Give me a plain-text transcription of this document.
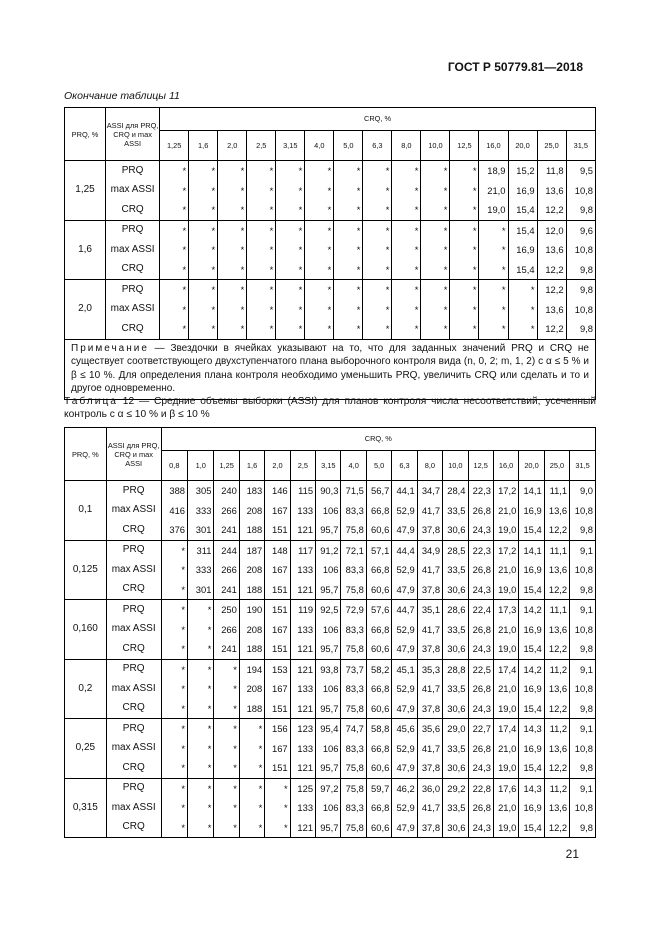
ГОСТ Р 50779.81—2018
Окончание таблицы 11
PRQ, %	ASSI для PRQ, CRQ и max ASSI	CRQ, %														
		1,25	1,6	2,0	2,5	3,15	4,0	5,0	6,3	8,0	10,0	12,5	16,0	20,0	25,0	31,5
1,25	PRQ	*	*	*	*	*	*	*	*	*	*	*	18,9	15,2	11,8	9,5
	max ASSI	*	*	*	*	*	*	*	*	*	*	*	21,0	16,9	13,6	10,8
	CRQ	*	*	*	*	*	*	*	*	*	*	*	19,0	15,4	12,2	9,8
1,6	PRQ	*	*	*	*	*	*	*	*	*	*	*	*	15,4	12,0	9,6
	max ASSI	*	*	*	*	*	*	*	*	*	*	*	*	16,9	13,6	10,8
	CRQ	*	*	*	*	*	*	*	*	*	*	*	*	15,4	12,2	9,8
2,0	PRQ	*	*	*	*	*	*	*	*	*	*	*	*	*	12,2	9,8
	max ASSI	*	*	*	*	*	*	*	*	*	*	*	*	*	13,6	10,8
	CRQ	*	*	*	*	*	*	*	*	*	*	*	*	*	12,2	9,8
Примечание — Звездочки в ячейках указывают на то, что для заданных значений PRQ и CRQ не существует соответствующего двухступенчатого плана выборочного контроля вида (n, 0, 2; m, 1, 2) с α ≤ 5 % и β ≤ 10 %. Для определения плана контроля необходимо уменьшить PRQ, увеличить CRQ или сделать и то и другое одновременно.																
Таблица 12 — Средние объемы выборки (ASSI) для планов контроля числа несоответствий, усеченный контроль с α ≤ 10 % и β ≤ 10 %
PRQ, %	ASSI для PRQ, CRQ и max ASSI	CRQ, %																
		0,8	1,0	1,25	1,6	2,0	2,5	3,15	4,0	5,0	6,3	8,0	10,0	12,5	16,0	20,0	25,0	31,5
0,1	PRQ	388	305	240	183	146	115	90,3	71,5	56,7	44,1	34,7	28,4	22,3	17,2	14,1	11,1	9,0
	max ASSI	416	333	266	208	167	133	106	83,3	66,8	52,9	41,7	33,5	26,8	21,0	16,9	13,6	10,8
	CRQ	376	301	241	188	151	121	95,7	75,8	60,6	47,9	37,8	30,6	24,3	19,0	15,4	12,2	9,8
0,125	PRQ	*	311	244	187	148	117	91,2	72,1	57,1	44,4	34,9	28,5	22,3	17,2	14,1	11,1	9,1
	max ASSI	*	333	266	208	167	133	106	83,3	66,8	52,9	41,7	33,5	26,8	21,0	16,9	13,6	10,8
	CRQ	*	301	241	188	151	121	95,7	75,8	60,6	47,9	37,8	30,6	24,3	19,0	15,4	12,2	9,8
0,160	PRQ	*	*	250	190	151	119	92,5	72,9	57,6	44,7	35,1	28,6	22,4	17,3	14,2	11,1	9,1
	max ASSI	*	*	266	208	167	133	106	83,3	66,8	52,9	41,7	33,5	26,8	21,0	16,9	13,6	10,8
	CRQ	*	*	241	188	151	121	95,7	75,8	60,6	47,9	37,8	30,6	24,3	19,0	15,4	12,2	9,8
0,2	PRQ	*	*	*	194	153	121	93,8	73,7	58,2	45,1	35,3	28,8	22,5	17,4	14,2	11,2	9,1
	max ASSI	*	*	*	208	167	133	106	83,3	66,8	52,9	41,7	33,5	26,8	21,0	16,9	13,6	10,8
	CRQ	*	*	*	188	151	121	95,7	75,8	60,6	47,9	37,8	30,6	24,3	19,0	15,4	12,2	9,8
0,25	PRQ	*	*	*	*	156	123	95,4	74,7	58,8	45,6	35,6	29,0	22,7	17,4	14,3	11,2	9,1
	max ASSI	*	*	*	*	167	133	106	83,3	66,8	52,9	41,7	33,5	26,8	21,0	16,9	13,6	10,8
	CRQ	*	*	*	*	151	121	95,7	75,8	60,6	47,9	37,8	30,6	24,3	19,0	15,4	12,2	9,8
0,315	PRQ	*	*	*	*	*	125	97,2	75,8	59,7	46,2	36,0	29,2	22,8	17,6	14,3	11,2	9,1
	max ASSI	*	*	*	*	*	133	106	83,3	66,8	52,9	41,7	33,5	26,8	21,0	16,9	13,6	10,8
	CRQ	*	*	*	*	*	121	95,7	75,8	60,6	47,9	37,8	30,6	24,3	19,0	15,4	12,2	9,8
21
